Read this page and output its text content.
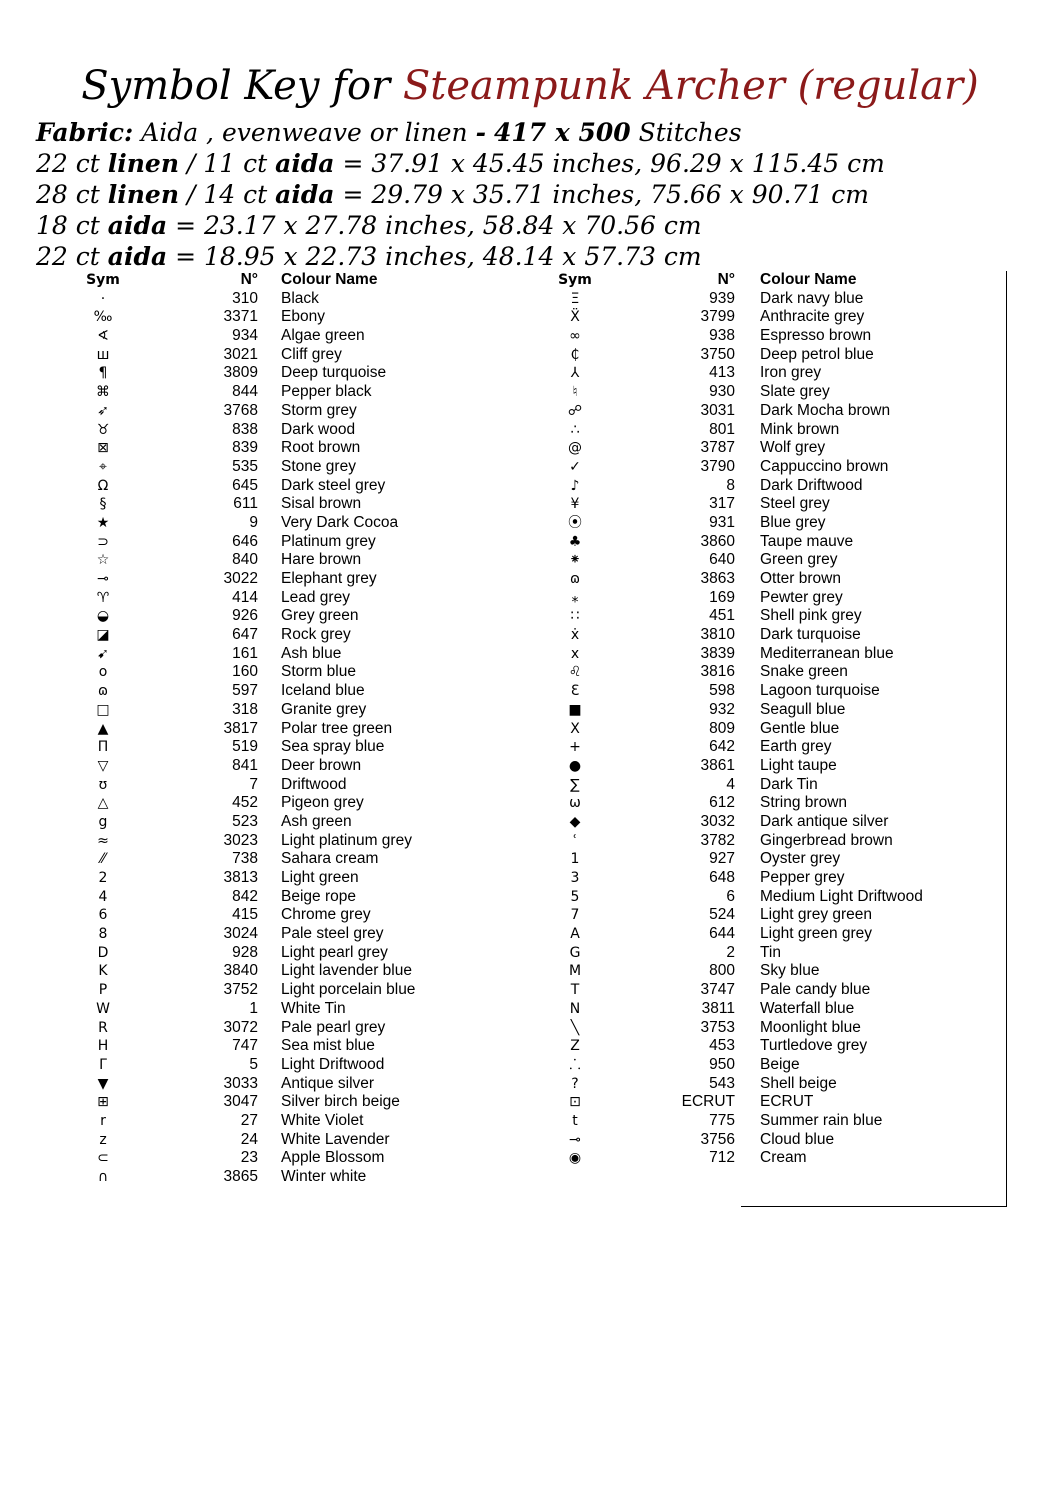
Symbol Key for Steampunk Archer (regular)
Fabric: Aida , evenweave or linen - 417 x 500 Stitches
22 ct linen / 11 ct aida = 37.91 x 45.45 inches, 96.29 x 115.45 cm
28 ct linen / 14 ct aida = 29.79 x 35.71 inches, 75.66 x 90.71 cm
18 ct aida = 23.17 x 27.78 inches, 58.84 x 70.56 cm
22 ct aida = 18.95 x 22.73 inches, 48.14 x 57.73 cm
Sym	N° Colour Name
·	310 Black
‰	3371 Ebony
∢	934 Algae green
ш	3021 Cliff grey
¶	3809 Deep turquoise
⌘	844 Pepper black
➶	3768 Storm grey
♉	838 Dark wood
⊠	839 Root brown
⌖	535 Stone grey
Ω	645 Dark steel grey
§	611 Sisal brown
★	9 Very Dark Cocoa
⊃	646 Platinum grey
☆	840 Hare brown
⊸	3022 Elephant grey
♈	414 Lead grey
◒	926 Grey green
◪	647 Rock grey
➹	161 Ash blue
o	160 Storm blue
ɷ	597 Iceland blue
□	318 Granite grey
▲	3817 Polar tree green
Π	519 Sea spray blue
▽	841 Deer brown
ʊ	7 Driftwood
△	452 Pigeon grey
g	523 Ash green
≈	3023 Light platinum grey
⁄⁄	738 Sahara cream
2	3813 Light green
4	842 Beige rope
6	415 Chrome grey
8	3024 Pale steel grey
D	928 Light pearl grey
K	3840 Light lavender blue
P	3752 Light porcelain blue
W	1 White Tin
R	3072 Pale pearl grey
H	747 Sea mist blue
Γ	5 Light Driftwood
▼	3033 Antique silver
⊞	3047 Silver birch beige
r	27 White Violet
z	24 White Lavender
⊂	23 Apple Blossom
∩	3865 Winter white
Sym	N° Colour Name
Ξ	939 Dark navy blue
Ẍ	3799 Anthracite grey
∞	938 Espresso brown
₵	3750 Deep petrol blue
⅄	413 Iron grey
♮	930 Slate grey
☍	3031 Dark Mocha brown
∴	801 Mink brown
@	3787 Wolf grey
✓	3790 Cappuccino brown
♪	8 Dark Driftwood
¥	317 Steel grey
⦿	931 Blue grey
♣	3860 Taupe mauve
⁕	640 Green grey
ɷ	3863 Otter brown
⁎	169 Pewter grey
∷	451 Shell pink grey
ẋ	3810 Dark turquoise
x	3839 Mediterranean blue
♌	3816 Snake green
Ɛ	598 Lagoon turquoise
■	932 Seagull blue
X	809 Gentle blue
+	642 Earth grey
●	3861 Light taupe
∑	4 Dark Tin
ω	612 String brown
◆	3032 Dark antique silver
ʿ	3782 Gingerbread brown
1	927 Oyster grey
3	648 Pepper grey
5	6 Medium Light Driftwood
7	524 Light grey green
A	644 Light green grey
G	2 Tin
M	800 Sky blue
T	3747 Pale candy blue
N	3811 Waterfall blue
╲	3753 Moonlight blue
Z	453 Turtledove grey
⸫	950 Beige
?	543 Shell beige
⊡	ECRUT ECRUT
t	775 Summer rain blue
⊸	3756 Cloud blue
◉	712 Cream
